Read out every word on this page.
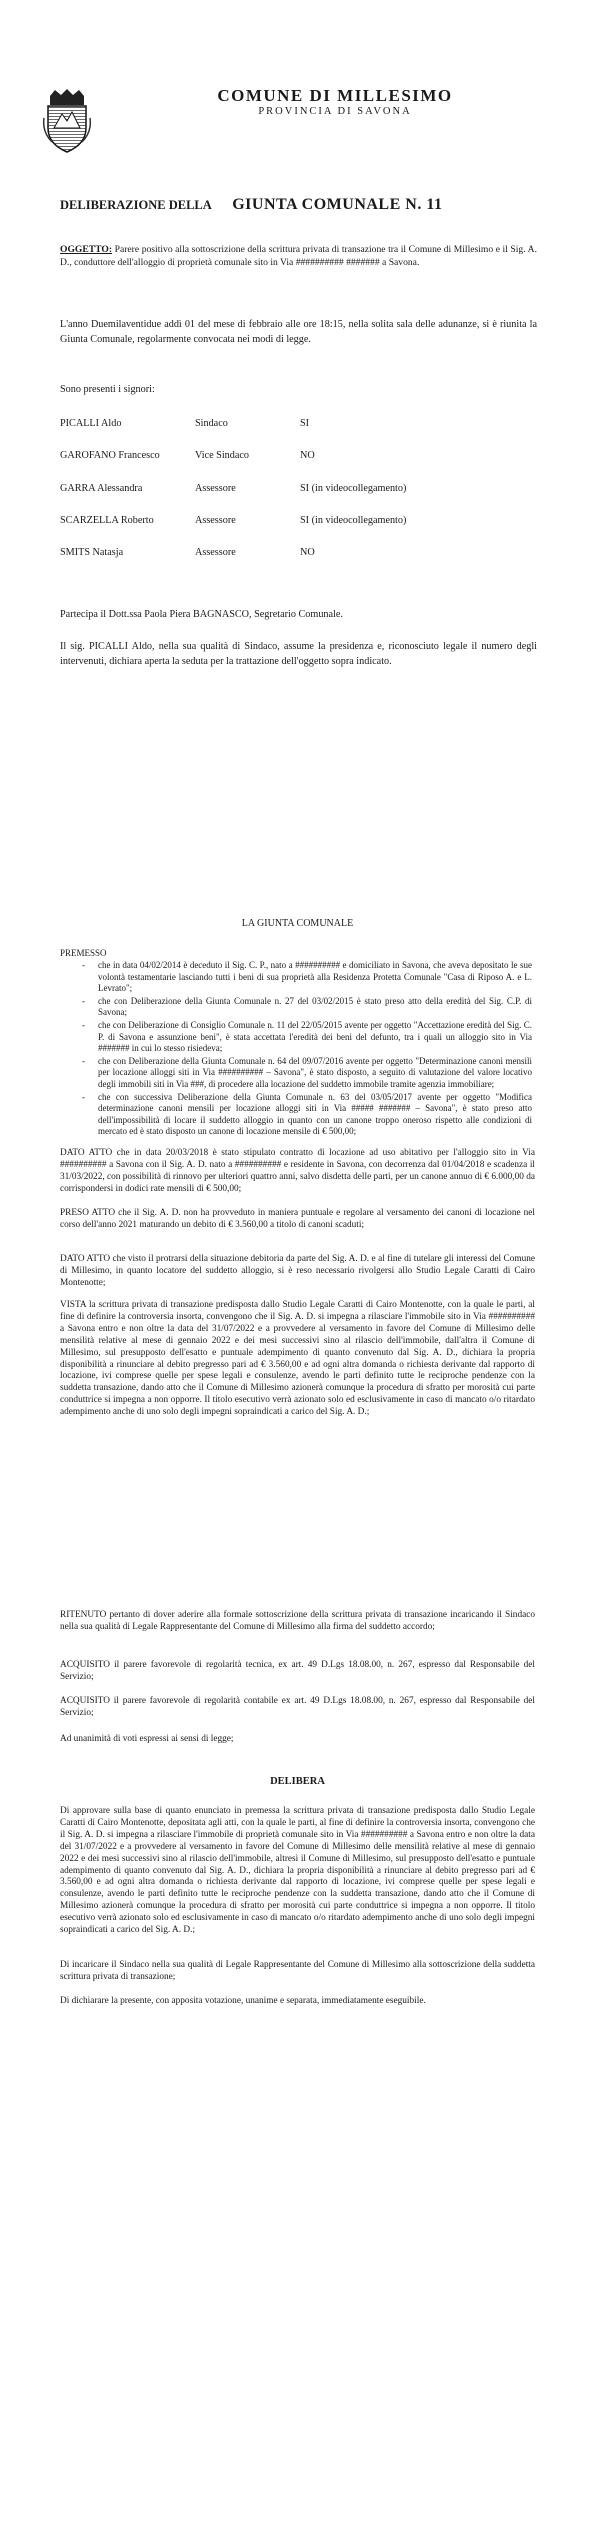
COMUNE DI MILLESIMO
PROVINCIA DI SAVONA
DELIBERAZIONE DELLA GIUNTA COMUNALE N. 11
OGGETTO: Parere positivo alla sottoscrizione della scrittura privata di transazione tra il Comune di Millesimo e il Sig. A. D., conduttore dell'alloggio di proprietà comunale sito in Via ########## ####### a Savona.
L'anno Duemilaventidue addì 01 del mese di febbraio alle ore 18:15, nella solita sala delle adunanze, si è riunita la Giunta Comunale, regolarmente convocata nei modi di legge.
Sono presenti i signori:
PICALLI Aldo	Sindaco	SI
GAROFANO Francesco	Vice Sindaco	NO
GARRA Alessandra	Assessore	SI (in videocollegamento)
SCARZELLA Roberto	Assessore	SI (in videocollegamento)
SMITS Natasja	Assessore	NO
Partecipa il Dott.ssa Paola Piera BAGNASCO, Segretario Comunale.
Il sig. PICALLI Aldo, nella sua qualità di Sindaco, assume la presidenza e, riconosciuto legale il numero degli intervenuti, dichiara aperta la seduta per la trattazione dell'oggetto sopra indicato.
LA GIUNTA COMUNALE
PREMESSO
- che in data 04/02/2014 è deceduto il Sig. C. P., nato a ########## e domiciliato in Savona, che aveva depositato le sue volontà testamentarie lasciando tutti i beni di sua proprietà alla Residenza Protetta Comunale "Casa di Riposo A. e L. Levrato";
- che con Deliberazione della Giunta Comunale n. 27 del 03/02/2015 è stato preso atto della eredità del Sig. C.P. di Savona;
- che con Deliberazione di Consiglio Comunale n. 11 del 22/05/2015 avente per oggetto "Accettazione eredità del Sig. C. P. di Savona e assunzione beni", è stata accettata l'eredità dei beni del defunto, tra i quali un alloggio sito in Via ####### in cui lo stesso risiedeva;
- che con Deliberazione della Giunta Comunale n. 64 del 09/07/2016 avente per oggetto "Determinazione canoni mensili per locazione alloggi siti in Via ########## – Savona", è stato disposto, a seguito di valutazione del valore locativo degli immobili siti in Via ###, di procedere alla locazione del suddetto immobile tramite agenzia immobiliare;
- che con successiva Deliberazione della Giunta Comunale n. 63 del 03/05/2017 avente per oggetto "Modifica determinazione canoni mensili per locazione alloggi siti in Via ##### ####### – Savona", è stato preso atto dell'impossibilità di locare il suddetto alloggio in quanto con un canone troppo oneroso rispetto alle condizioni di mercato ed è stato disposto un canone di locazione mensile di € 500,00;
DATO ATTO che in data 20/03/2018 è stato stipulato contratto di locazione ad uso abitativo per l'alloggio sito in Via ########## a Savona con il Sig. A. D. nato a ########## e residente in Savona, con decorrenza dal 01/04/2018 e scadenza il 31/03/2022, con possibilità di rinnovo per ulteriori quattro anni, salvo disdetta delle parti, per un canone annuo di € 6.000,00 da corrispondersi in dodici rate mensili di € 500,00;
PRESO ATTO che il Sig. A. D. non ha provveduto in maniera puntuale e regolare al versamento dei canoni di locazione nel corso dell'anno 2021 maturando un debito di € 3.560,00 a titolo di canoni scaduti;
DATO ATTO che visto il protrarsi della situazione debitoria da parte del Sig. A. D. e al fine di tutelare gli interessi del Comune di Millesimo, in quanto locatore del suddetto alloggio, si è reso necessario rivolgersi allo Studio Legale Caratti di Cairo Montenotte;
VISTA la scrittura privata di transazione predisposta dallo Studio Legale Caratti di Cairo Montenotte, con la quale le parti, al fine di definire la controversia insorta, convengono che il Sig. A. D. si impegna a rilasciare l'immobile sito in Via ########## a Savona entro e non oltre la data del 31/07/2022 e a provvedere al versamento in favore del Comune di Millesimo delle mensilità relative al mese di gennaio 2022 e dei mesi successivi sino al rilascio dell'immobile, dall'altra il Comune di Millesimo, sul presupposto dell'esatto e puntuale adempimento di quanto convenuto dal Sig. A. D., dichiara la propria disponibilità a rinunciare al debito pregresso pari ad € 3.560,00 e ad ogni altra domanda o richiesta derivante dal rapporto di locazione, ivi comprese quelle per spese legali e consulenze, avendo le parti definito tutte le reciproche pendenze con la suddetta transazione, dando atto che il Comune di Millesimo azionerà comunque la procedura di sfratto per morosità cui parte conduttrice si impegna a non opporre. Il titolo esecutivo verrà azionato solo ed esclusivamente in caso di mancato o/o ritardato adempimento anche di uno solo degli impegni sopraindicati a carico del Sig. A. D.;
RITENUTO pertanto di dover aderire alla formale sottoscrizione della scrittura privata di transazione incaricando il Sindaco nella sua qualità di Legale Rappresentante del Comune di Millesimo alla firma del suddetto accordo;
ACQUISITO il parere favorevole di regolarità tecnica, ex art. 49 D.Lgs 18.08.00, n. 267, espresso dal Responsabile del Servizio;
ACQUISITO il parere favorevole di regolarità contabile ex art. 49 D.Lgs 18.08.00, n. 267, espresso dal Responsabile del Servizio;
Ad unanimità di voti espressi ai sensi di legge;
DELIBERA
Di approvare sulla base di quanto enunciato in premessa la scrittura privata di transazione predisposta dallo Studio Legale Caratti di Cairo Montenotte, depositata agli atti, con la quale le parti, al fine di definire la controversia insorta, convengono che il Sig. A. D. si impegna a rilasciare l'immobile di proprietà comunale sito in Via ########## a Savona entro e non oltre la data del 31/07/2022 e a provvedere al versamento in favore del Comune di Millesimo delle mensilità relative al mese di gennaio 2022 e dei mesi successivi sino al rilascio dell'immobile, altresì il Comune di Millesimo, sul presupposto dell'esatto e puntuale adempimento di quanto convenuto dal Sig. A. D., dichiara la propria disponibilità a rinunciare al debito pregresso pari ad € 3.560,00 e ad ogni altra domanda o richiesta derivante dal rapporto di locazione, ivi comprese quelle per spese legali e consulenze, avendo le parti definito tutte le reciproche pendenze con la suddetta transazione, dando atto che il Comune di Millesimo azionerà comunque la procedura di sfratto per morosità cui parte conduttrice si impegna a non opporre. Il titolo esecutivo verrà azionato solo ed esclusivamente in caso di mancato o/o ritardato adempimento anche di uno solo degli impegni sopraindicati a carico del Sig. A. D.;
Di incaricare il Sindaco nella sua qualità di Legale Rappresentante del Comune di Millesimo alla sottoscrizione della suddetta scrittura privata di transazione;
Di dichiarare la presente, con apposita votazione, unanime e separata, immediatamente eseguibile.
